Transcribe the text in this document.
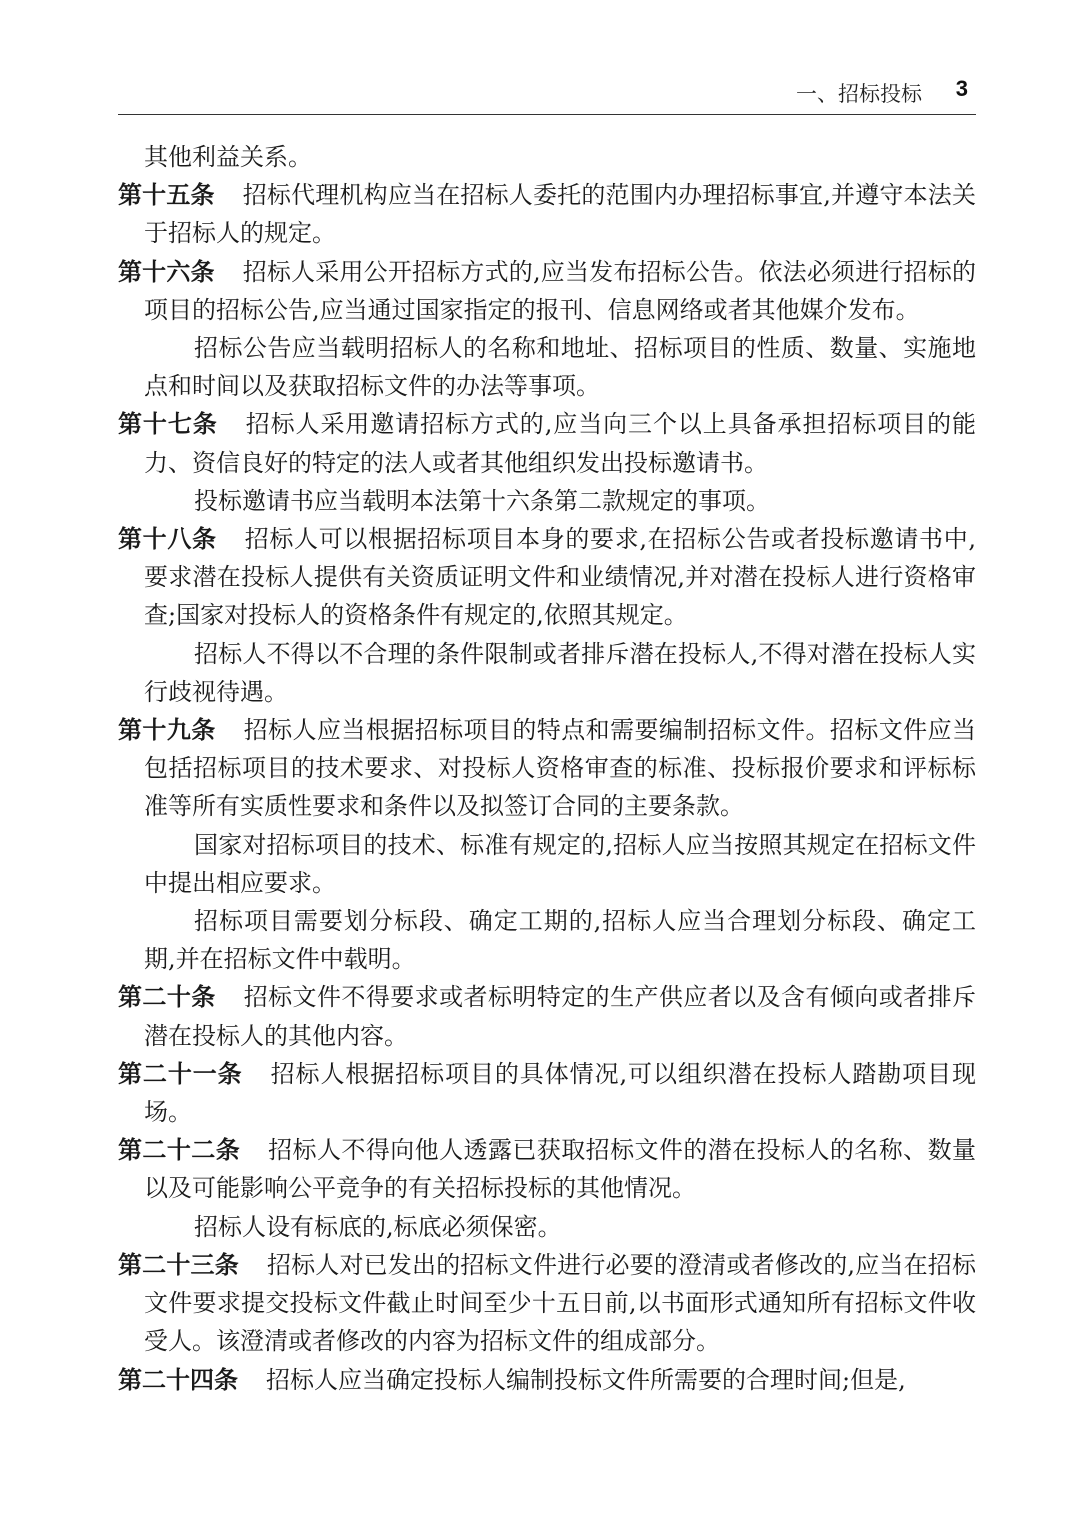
一、招标投标 3

其他利益关系。

第十五条 招标代理机构应当在招标人委托的范围内办理招标事宜,并遵守本法关于招标人的规定。

第十六条 招标人采用公开招标方式的,应当发布招标公告。依法必须进行招标的项目的招标公告,应当通过国家指定的报刊、信息网络或者其他媒介发布。

招标公告应当载明招标人的名称和地址、招标项目的性质、数量、实施地点和时间以及获取招标文件的办法等事项。

第十七条 招标人采用邀请招标方式的,应当向三个以上具备承担招标项目的能力、资信良好的特定的法人或者其他组织发出投标邀请书。

投标邀请书应当载明本法第十六条第二款规定的事项。

第十八条 招标人可以根据招标项目本身的要求,在招标公告或者投标邀请书中,要求潜在投标人提供有关资质证明文件和业绩情况,并对潜在投标人进行资格审查;国家对投标人的资格条件有规定的,依照其规定。

招标人不得以不合理的条件限制或者排斥潜在投标人,不得对潜在投标人实行歧视待遇。

第十九条 招标人应当根据招标项目的特点和需要编制招标文件。招标文件应当包括招标项目的技术要求、对投标人资格审查的标准、投标报价要求和评标标准等所有实质性要求和条件以及拟签订合同的主要条款。

国家对招标项目的技术、标准有规定的,招标人应当按照其规定在招标文件中提出相应要求。

招标项目需要划分标段、确定工期的,招标人应当合理划分标段、确定工期,并在招标文件中载明。

第二十条 招标文件不得要求或者标明特定的生产供应者以及含有倾向或者排斥潜在投标人的其他内容。

第二十一条 招标人根据招标项目的具体情况,可以组织潜在投标人踏勘项目现场。

第二十二条 招标人不得向他人透露已获取招标文件的潜在投标人的名称、数量以及可能影响公平竞争的有关招标投标的其他情况。

招标人设有标底的,标底必须保密。

第二十三条 招标人对已发出的招标文件进行必要的澄清或者修改的,应当在招标文件要求提交投标文件截止时间至少十五日前,以书面形式通知所有招标文件收受人。该澄清或者修改的内容为招标文件的组成部分。

第二十四条 招标人应当确定投标人编制投标文件所需要的合理时间;但是,
